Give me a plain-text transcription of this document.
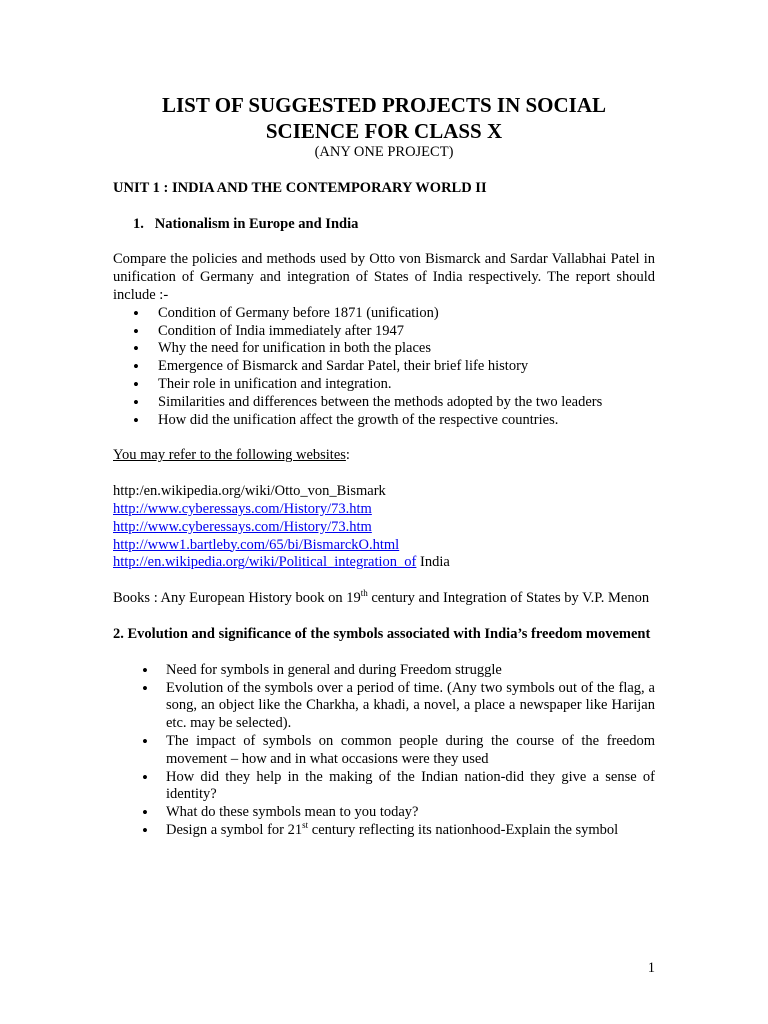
LIST OF SUGGESTED PROJECTS IN SOCIAL
SCIENCE FOR CLASS X

(ANY ONE PROJECT)

UNIT 1 : INDIA AND THE CONTEMPORARY WORLD II

1. Nationalism in Europe and India

Compare the policies and methods used by Otto von Bismarck and Sardar Vallabhai Patel in unification of Germany and integration of States of India respectively. The report should include :-

• Condition of Germany before 1871 (unification)
• Condition of India immediately after 1947
• Why the need for unification in both the places
• Emergence of Bismarck and Sardar Patel, their brief life history
• Their role in unification and integration.
• Similarities and differences between the methods adopted by the two leaders
• How did the unification affect the growth of the respective countries.

You may refer to the following websites:

http:/en.wikipedia.org/wiki/Otto_von_Bismark

http://www.cyberessays.com/History/73.htm

http://www.cyberessays.com/History/73.htm

http://www1.bartleby.com/65/bi/BismarckO.html

http://en.wikipedia.org/wiki/Political_integration_of India

Books : Any European History book on 19th century and Integration of States by V.P. Menon

2. Evolution and significance of the symbols associated with India’s freedom movement

• Need for symbols in general and during Freedom struggle
• Evolution of the symbols over a period of time. (Any two symbols out of the flag, a song, an object like the Charkha, a khadi, a novel, a place a newspaper like Harijan etc. may be selected).
• The impact of symbols on common people during the course of the freedom movement – how and in what occasions were they used
• How did they help in the making of the Indian nation-did they give a sense of identity?
• What do these symbols mean to you today?
• Design a symbol for 21st century reflecting its nationhood-Explain the symbol
1
